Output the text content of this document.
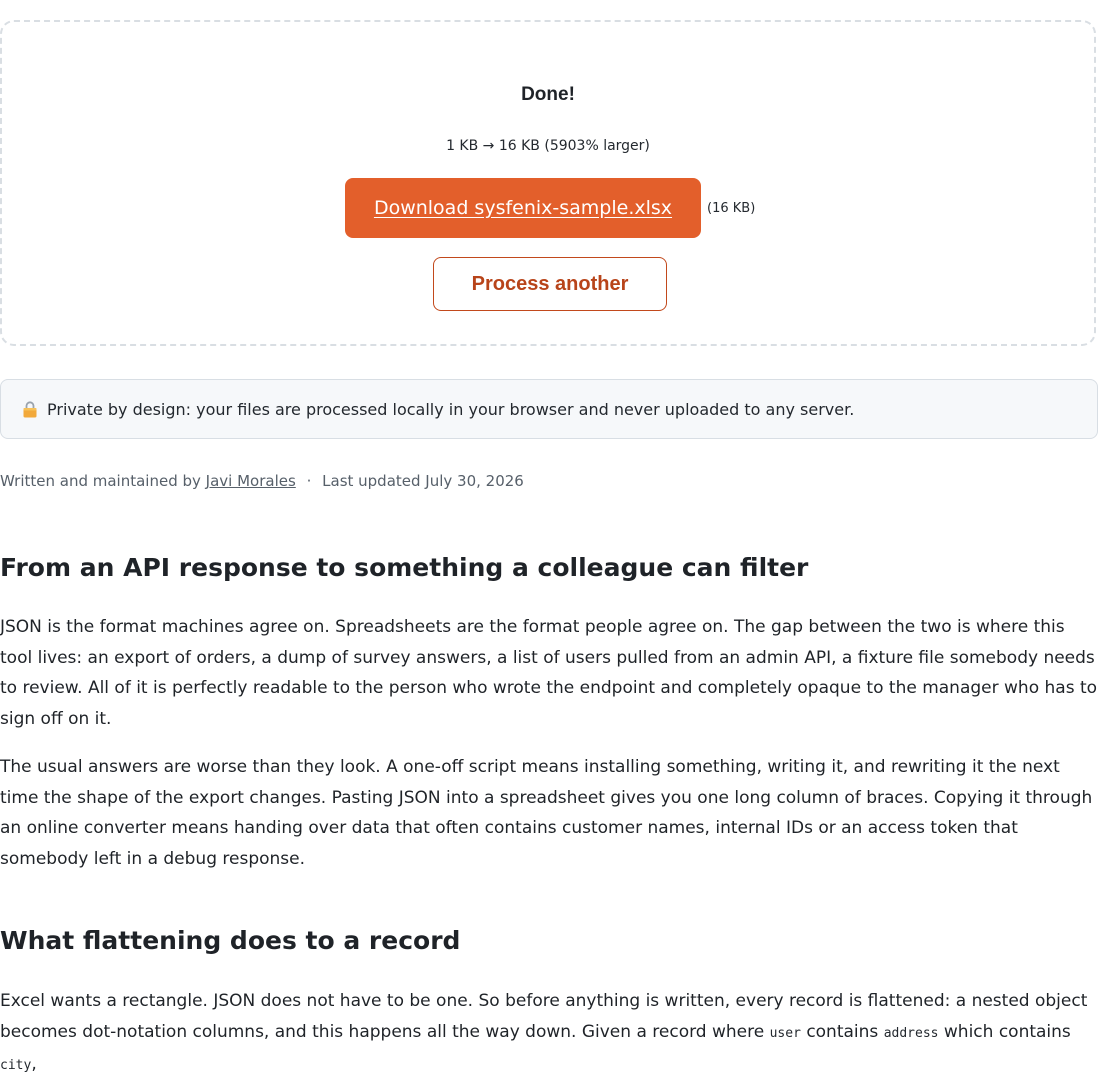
Done!
1 KB → 16 KB (5903% larger)
Download sysfenix-sample.xlsx	(16 KB)
Process another
Private by design: your files are processed locally in your browser and never uploaded to any server.
Written and maintained by Javi Morales · Last updated July 30, 2026
From an API response to something a colleague can filter

JSON is the format machines agree on. Spreadsheets are the format people agree on. The gap between the two is where this tool lives: an export of orders, a dump of survey answers, a list of users pulled from an admin API, a fixture file somebody needs to review. All of it is perfectly readable to the person who wrote the endpoint and completely opaque to the manager who has to sign off on it.

The usual answers are worse than they look. A one-off script means installing something, writing it, and rewriting it the next time the shape of the export changes. Pasting JSON into a spreadsheet gives you one long column of braces. Copying it through an online converter means handing over data that often contains customer names, internal IDs or an access token that somebody left in a debug response.

What flattening does to a record

Excel wants a rectangle. JSON does not have to be one. So before anything is written, every record is flattened: a nested object becomes dot-notation columns, and this happens all the way down. Given a record where user contains address which contains city,
